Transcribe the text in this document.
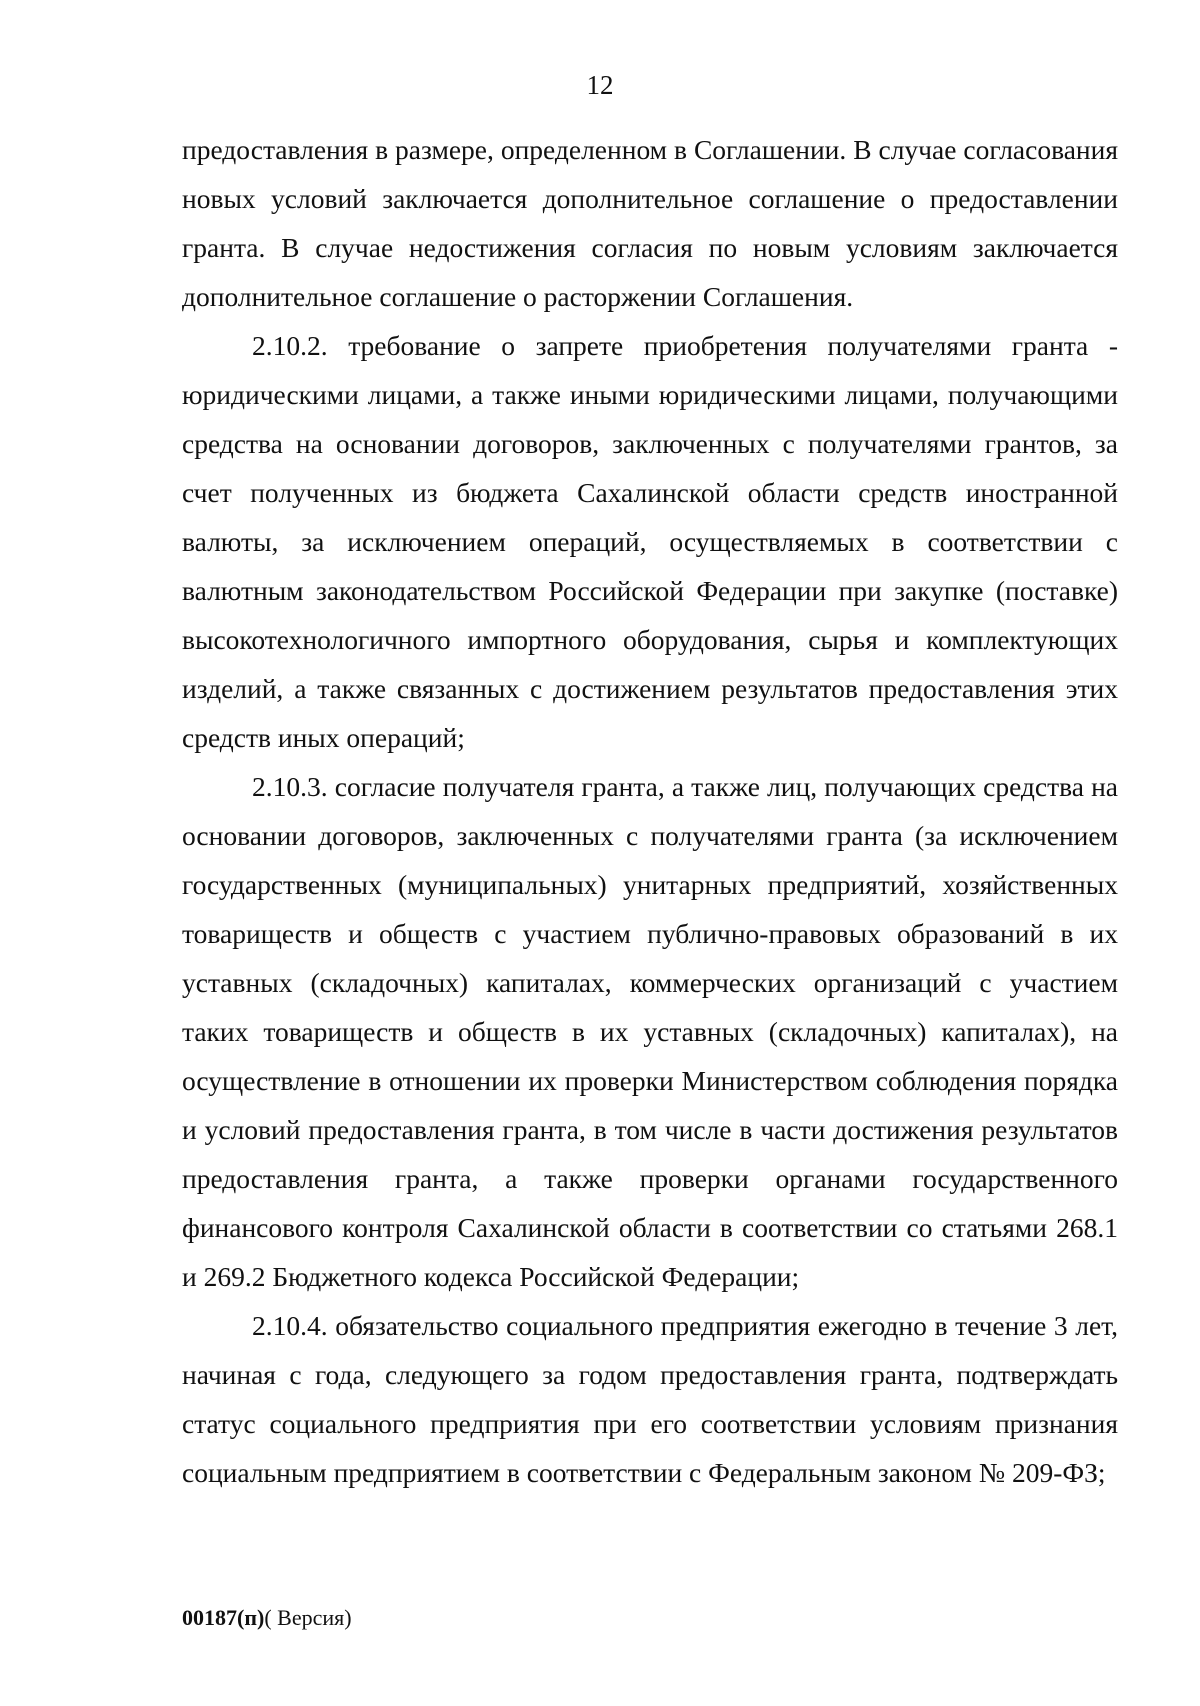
12

предоставления в размере, определенном в Соглашении. В случае согласования новых условий заключается дополнительное соглашение о предоставлении гранта. В случае недостижения согласия по новым условиям заключается дополнительное соглашение о расторжении Соглашения.

2.10.2. требование о запрете приобретения получателями гранта - юридическими лицами, а также иными юридическими лицами, получающими средства на основании договоров, заключенных с получателями грантов, за счет полученных из бюджета Сахалинской области средств иностранной валюты, за исключением операций, осуществляемых в соответствии с валютным законодательством Российской Федерации при закупке (поставке) высокотехнологичного импортного оборудования, сырья и комплектующих изделий, а также связанных с достижением результатов предоставления этих средств иных операций;

2.10.3. согласие получателя гранта, а также лиц, получающих средства на основании договоров, заключенных с получателями гранта (за исключением государственных (муниципальных) унитарных предприятий, хозяйственных товариществ и обществ с участием публично-правовых образований в их уставных (складочных) капиталах, коммерческих организаций с участием таких товариществ и обществ в их уставных (складочных) капиталах), на осуществление в отношении их проверки Министерством соблюдения порядка и условий предоставления гранта, в том числе в части достижения результатов предоставления гранта, а также проверки органами государственного финансового контроля Сахалинской области в соответствии со статьями 268.1 и 269.2 Бюджетного кодекса Российской Федерации;

2.10.4. обязательство социального предприятия ежегодно в течение 3 лет, начиная с года, следующего за годом предоставления гранта, подтверждать статус социального предприятия при его соответствии условиям признания социальным предприятием в соответствии с Федеральным законом № 209-ФЗ;

00187(п)( Версия)
